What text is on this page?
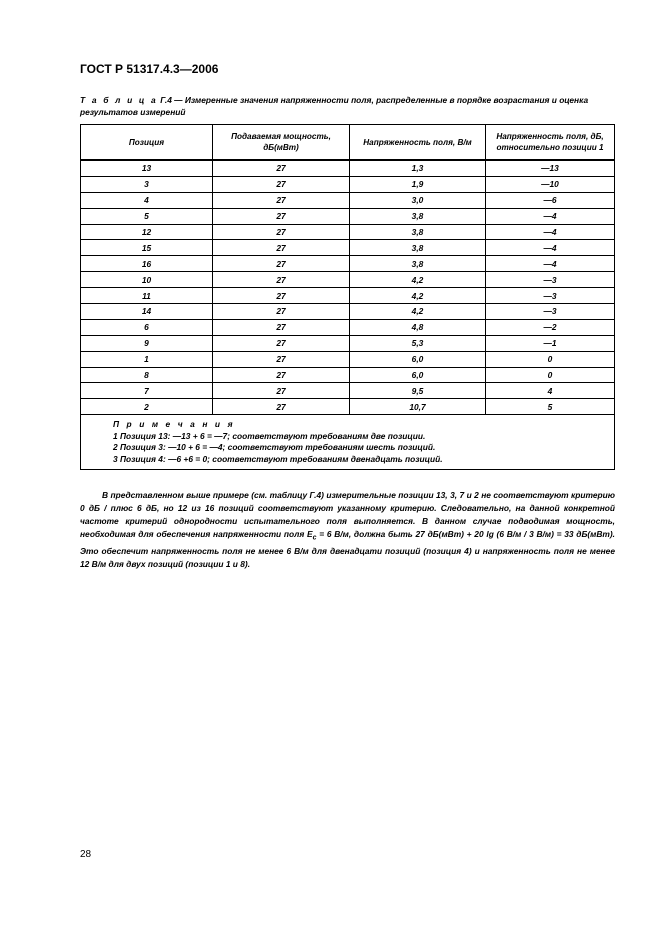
ГОСТ Р 51317.4.3—2006
Т а б л и ц а Г.4 — Измеренные значения напряженности поля, распределенные в порядке возрастания и оценка результатов измерений
Позиция	Подаваемая мощность, дБ(мВт)	Напряженность поля, В/м	Напряженность поля, дБ, относительно позиции 1
13	27	1,3	—13
3	27	1,9	—10
4	27	3,0	—6
5	27	3,8	—4
12	27	3,8	—4
15	27	3,8	—4
16	27	3,8	—4
10	27	4,2	—3
11	27	4,2	—3
14	27	4,2	—3
6	27	4,8	—2
9	27	5,3	—1
1	27	6,0	0
8	27	6,0	0
7	27	9,5	4
2	27	10,7	5

П р и м е ч а н и я
1 Позиция 13: —13 + 6 = —7; соответствуют требованиям две позиции.
2 Позиция 3: —10 + 6 = —4; соответствуют требованиям шесть позиций.
3 Позиция 4: —6 +6 = 0; соответствуют требованиям двенадцать позиций.			

В представленном выше примере (см. таблицу Г.4) измерительные позиции 13, 3, 7 и 2 не соответствуют критерию 0 дБ / плюс 6 дБ, но 12 из 16 позиций соответствуют указанному критерию. Следовательно, на данной конкретной частоте критерий однородности испытательного поля выполняется. В данном случае подводимая мощность, необходимая для обеспечения напряженности поля $E_c = 6$ В/м, должна быть 27 дБ(мВт) + 20 lg (6 В/м / 3 В/м) = 33 дБ(мВт). Это обеспечит напряженность поля не менее 6 В/м для двенадцати позиций (позиция 4) и напряженность поля не менее 12 В/м для двух позиций (позиции 1 и 8).

28
